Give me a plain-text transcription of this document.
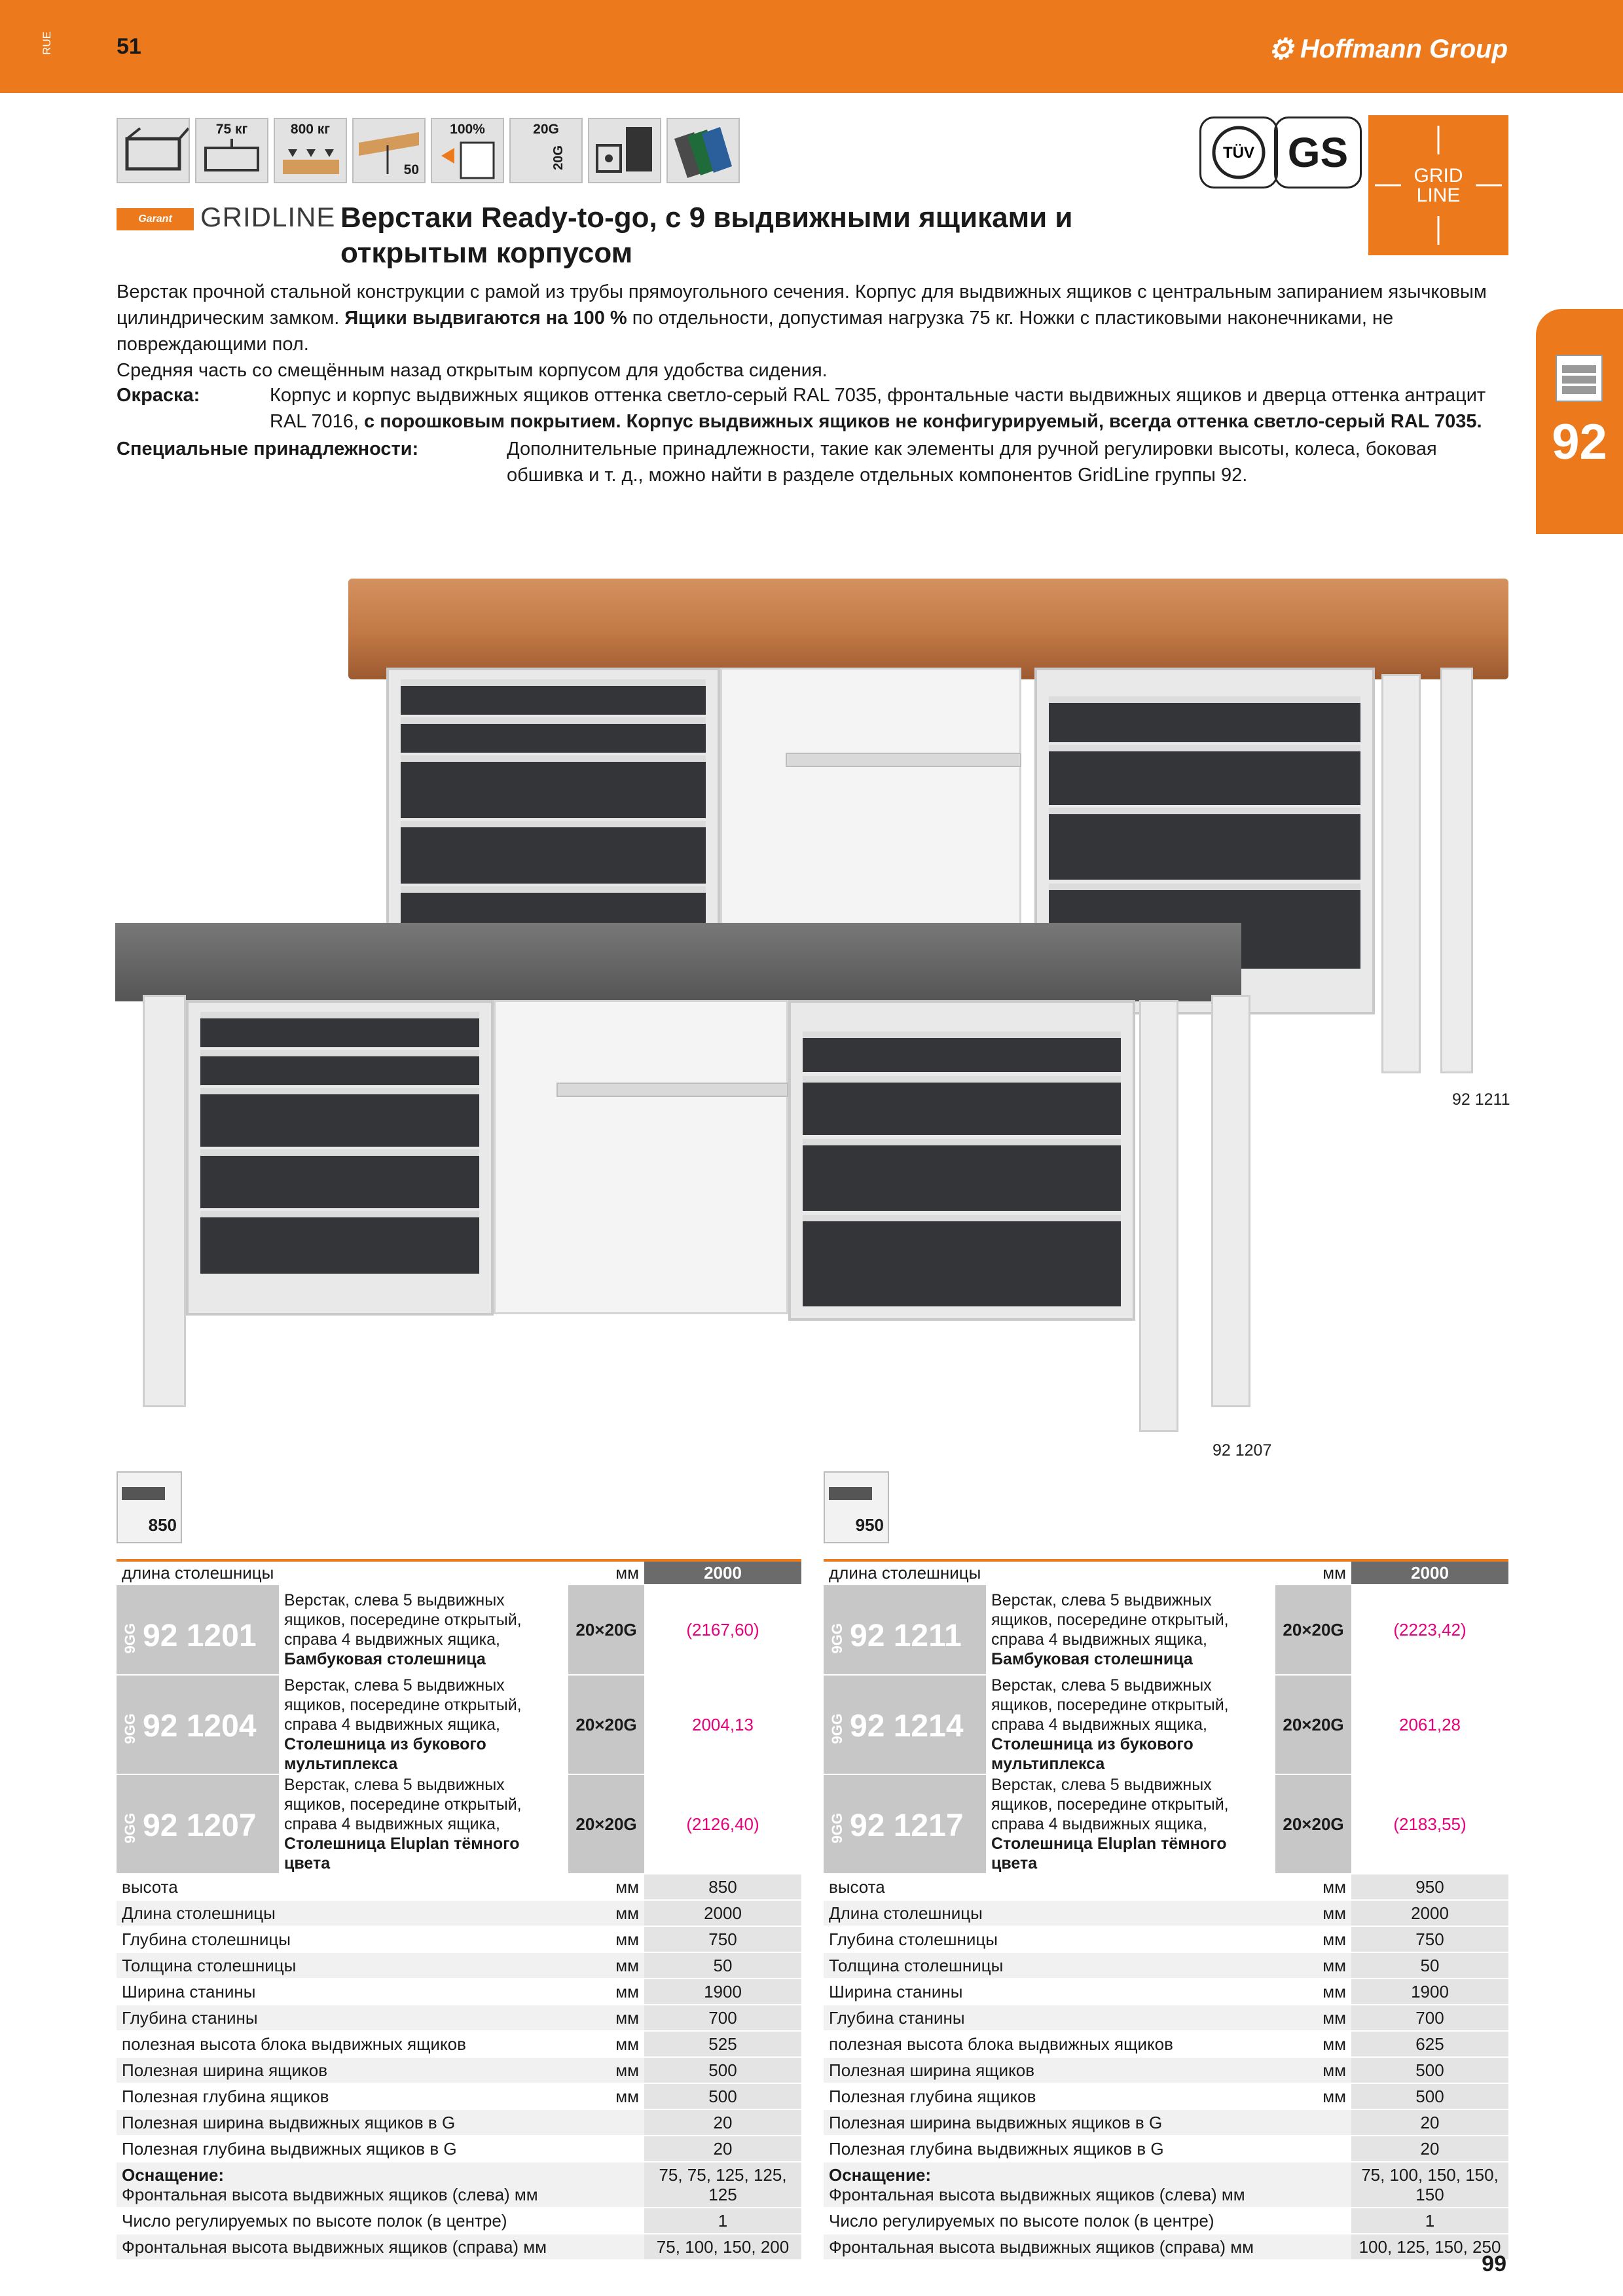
RUE	51	⚙ Hoffmann Group
75 кг	800 кг
50
100%	20G
20G	TÜV GS	GRID
LINE
92
Garant	GRIDLINE Верстаки Ready-to-go, с 9 выдвижными ящиками и открытым корпусом
Верстак прочной стальной конструкции с рамой из трубы прямоугольного сечения. Корпус для выдвижных ящиков с центральным запиранием язычковым цилиндрическим замком. Ящики выдвигаются на 100 % по отдельности, допустимая нагрузка 75 кг. Ножки с пластиковыми наконечниками, не повреждающими пол.
Средняя часть со смещённым назад открытым корпусом для удобства сидения.
Окраска:	Корпус и корпус выдвижных ящиков оттенка светло-серый RAL 7035, фронтальные части выдвижных ящиков и дверца оттенка антрацит RAL 7016, с порошковым покрытием. Корпус выдвижных ящиков не конфигурируемый, всегда оттенка светло-серый RAL 7035.
Специальные принадлежности:	Дополнительные принадлежности, такие как элементы для ручной регулировки высоты, колеса, боковая обшивка и т. д., можно найти в разделе отдельных компонентов GridLine группы 92.
92 1211
92 1207
850	950
длина столешницы		мм	2000

9GG 92 1201	Верстак, слева 5 выдвижных ящиков, посередине открытый, справа 4 выдвижных ящика, Бамбуковая столешница	20×20G	(2167,60)

9GG 92 1204	Верстак, слева 5 выдвижных ящиков, посередине открытый, справа 4 выдвижных ящика, Столешница из букового мультиплекса	20×20G	2004,13

9GG 92 1207	Верстак, слева 5 выдвижных ящиков, посередине открытый, справа 4 выдвижных ящика, Столешница Eluplan тёмного цвета	20×20G	(2126,40)
высота		мм	850
Длина столешницы		мм	2000
Глубина столешницы		мм	750
Толщина столешницы		мм	50
Ширина станины		мм	1900
Глубина станины		мм	700
полезная высота блока выдвижных ящиков		мм	525
Полезная ширина ящиков		мм	500
Полезная глубина ящиков		мм	500
Полезная ширина выдвижных ящиков в G			20
Полезная глубина выдвижных ящиков в G			20
Оснащение:
Фронтальная высота выдвижных ящиков (слева) мм			75, 75, 125, 125, 125
Число регулируемых по высоте полок (в центре)			1
Фронтальная высота выдвижных ящиков (справа) мм			75, 100, 150, 200
длина столешницы		мм	2000

9GG 92 1211	Верстак, слева 5 выдвижных ящиков, посередине открытый, справа 4 выдвижных ящика, Бамбуковая столешница	20×20G	(2223,42)

9GG 92 1214	Верстак, слева 5 выдвижных ящиков, посередине открытый, справа 4 выдвижных ящика, Столешница из букового мультиплекса	20×20G	2061,28

9GG 92 1217	Верстак, слева 5 выдвижных ящиков, посередине открытый, справа 4 выдвижных ящика, Столешница Eluplan тёмного цвета	20×20G	(2183,55)
высота		мм	950
Длина столешницы		мм	2000
Глубина столешницы		мм	750
Толщина столешницы		мм	50
Ширина станины		мм	1900
Глубина станины		мм	700
полезная высота блока выдвижных ящиков		мм	625
Полезная ширина ящиков		мм	500
Полезная глубина ящиков		мм	500
Полезная ширина выдвижных ящиков в G			20
Полезная глубина выдвижных ящиков в G			20
Оснащение:
Фронтальная высота выдвижных ящиков (слева) мм			75, 100, 150, 150, 150
Число регулируемых по высоте полок (в центре)			1
Фронтальная высота выдвижных ящиков (справа) мм			100, 125, 150, 250
99
